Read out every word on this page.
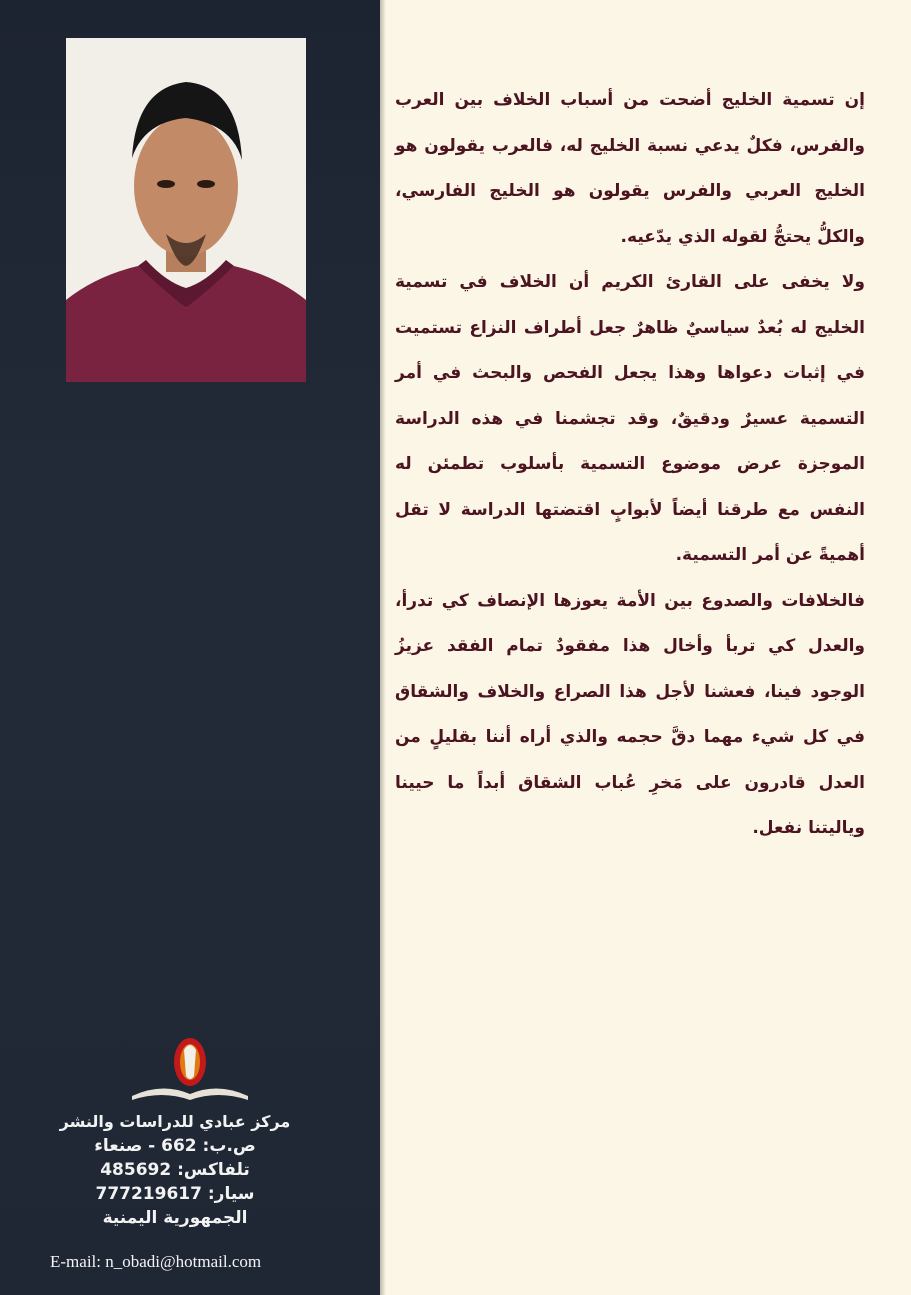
إن تسمية الخليج أضحت من أسباب الخلاف بين العرب والفرس، فكلٌ يدعي نسبة الخليج له، فالعرب يقولون هو الخليج العربي والفرس يقولون هو الخليج الفارسي، والكلُّ يحتجُّ لقوله الذي يدّعيه.

ولا يخفى على القارئ الكريم أن الخلاف في تسمية الخليج له بُعدٌ سياسيٌ ظاهرٌ جعل أطراف النزاع تستميت في إثبات دعواها وهذا يجعل الفحص والبحث في أمر التسمية عسيرٌ ودقيقٌ، وقد تجشمنا في هذه الدراسة الموجزة عرض موضوع التسمية بأسلوب تطمئن له النفس مع طرقنا أيضاً لأبوابٍ اقتضتها الدراسة لا تقل أهميةً عن أمر التسمية.

فالخلافات والصدوع بين الأمة يعوزها الإنصاف كي تدرأ، والعدل كي تربأ وأخال هذا مفقودٌ تمام الفقد عزيزُ الوجود فينا، فعشنا لأجل هذا الصراع والخلاف والشقاق في كل شيء مهما دقَّ حجمه والذي أراه أننا بقليلٍ من العدل قادرون على مَخرِ عُباب الشقاق أبداً ما حيينا وياليتنا نفعل.

مركز عبادي للدراسات والنشر
ص.ب: 662 - صنعاء
تلفاكس: 485692
سيار: 777219617
الجمهورية اليمنية
E-mail: n_obadi@hotmail.com
